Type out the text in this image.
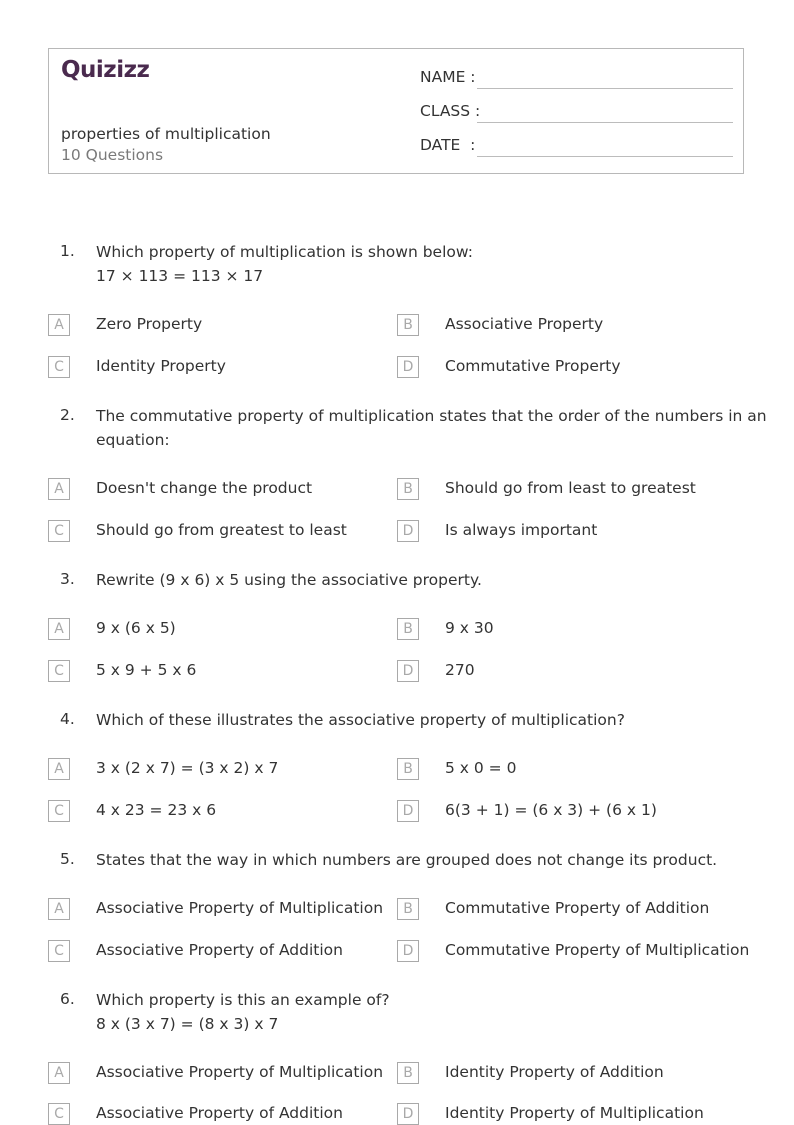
Quizizz
properties of multiplication
10 Questions
NAME :
CLASS :
DATE  :
1. Which property of multiplication is shown below:
17 × 113 = 113 × 17
A	Zero Property	B	Associative Property
C	Identity Property	D	Commutative Property
2. The commutative property of multiplication states that the order of the numbers in an
equation:
A	Doesn't change the product	B	Should go from least to greatest
C	Should go from greatest to least	D	Is always important
3. Rewrite (9 x 6) x 5 using the associative property.
A	9 x (6 x 5)	B	9 x 30
C	5 x 9 + 5 x 6	D	270
4. Which of these illustrates the associative property of multiplication?
A	3 x (2 x 7) = (3 x 2) x 7	B	5 x 0 = 0
C	4 x 23 = 23 x 6	D	6(3 + 1) = (6 x 3) + (6 x 1)
5. States that the way in which numbers are grouped does not change its product.
A	Associative Property of Multiplication	B	Commutative Property of Addition
C	Associative Property of Addition	D	Commutative Property of Multiplication
6. Which property is this an example of?
8 x (3 x 7) = (8 x 3) x 7
A	Associative Property of Multiplication	B	Identity Property of Addition
C	Associative Property of Addition	D	Identity Property of Multiplication
